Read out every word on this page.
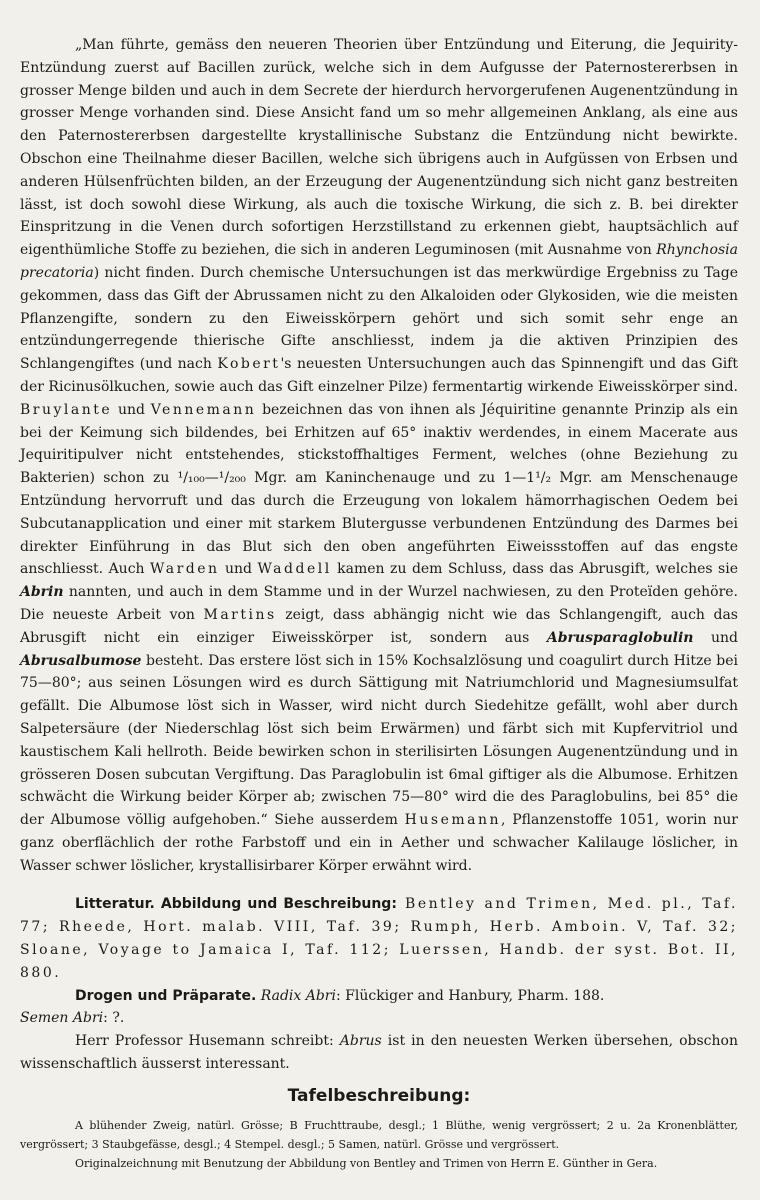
„Man führte, gemäss den neueren Theorien über Entzündung und Eiterung, die Jequirity-Entzündung zuerst auf Bacillen zurück, welche sich in dem Aufgusse der Paternostererbsen in grosser Menge bilden und auch in dem Secrete der hierdurch hervorgerufenen Augenentzündung in grosser Menge vorhanden sind. Diese Ansicht fand um so mehr allgemeinen Anklang, als eine aus den Paternostererbsen dargestellte krystallinische Substanz die Entzündung nicht bewirkte. Obschon eine Theilnahme dieser Bacillen, welche sich übrigens auch in Aufgüssen von Erbsen und anderen Hülsenfrüchten bilden, an der Erzeugung der Augenentzündung sich nicht ganz bestreiten lässt, ist doch sowohl diese Wirkung, als auch die toxische Wirkung, die sich z. B. bei direkter Einspritzung in die Venen durch sofortigen Herzstillstand zu erkennen giebt, hauptsächlich auf eigenthümliche Stoffe zu beziehen, die sich in anderen Leguminosen (mit Ausnahme von Rhynchosia precatoria) nicht finden. Durch chemische Untersuchungen ist das merkwürdige Ergebniss zu Tage gekommen, dass das Gift der Abrussamen nicht zu den Alkaloiden oder Glykosiden, wie die meisten Pflanzengifte, sondern zu den Eiweisskörpern gehört und sich somit sehr enge an entzündungerregende thierische Gifte anschliesst, indem ja die aktiven Prinzipien des Schlangengiftes (und nach Kobert's neuesten Untersuchungen auch das Spinnengift und das Gift der Ricinusölkuchen, sowie auch das Gift einzelner Pilze) fermentartig wirkende Eiweisskörper sind. Bruylante und Vennemann bezeichnen das von ihnen als Jéquiritine genannte Prinzip als ein bei der Keimung sich bildendes, bei Erhitzen auf 65° inaktiv werdendes, in einem Macerate aus Jequiritipulver nicht entstehendes, stickstoffhaltiges Ferment, welches (ohne Beziehung zu Bakterien) schon zu ¹/₁₀₀—¹/₂₀₀ Mgr. am Kaninchenauge und zu 1—1¹/₂ Mgr. am Menschenauge Entzündung hervorruft und das durch die Erzeugung von lokalem hämorrhagischen Oedem bei Subcutanapplication und einer mit starkem Blutergusse verbundenen Entzündung des Darmes bei direkter Einführung in das Blut sich den oben angeführten Eiweissstoffen auf das engste anschliesst. Auch Warden und Waddell kamen zu dem Schluss, dass das Abrusgift, welches sie Abrin nannten, und auch in dem Stamme und in der Wurzel nachwiesen, zu den Proteïden gehöre. Die neueste Arbeit von Martins zeigt, dass abhängig nicht wie das Schlangengift, auch das Abrusgift nicht ein einziger Eiweisskörper ist, sondern aus Abrusparaglobulin und Abrusalbumose besteht. Das erstere löst sich in 15% Kochsalzlösung und coagulirt durch Hitze bei 75—80°; aus seinen Lösungen wird es durch Sättigung mit Natriumchlorid und Magnesiumsulfat gefällt. Die Albumose löst sich in Wasser, wird nicht durch Siedehitze gefällt, wohl aber durch Salpetersäure (der Niederschlag löst sich beim Erwärmen) und färbt sich mit Kupfervitriol und kaustischem Kali hellroth. Beide bewirken schon in sterilisirten Lösungen Augenentzündung und in grösseren Dosen subcutan Vergiftung. Das Paraglobulin ist 6mal giftiger als die Albumose. Erhitzen schwächt die Wirkung beider Körper ab; zwischen 75—80° wird die des Paraglobulins, bei 85° die der Albumose völlig aufgehoben.“ Siehe ausserdem Husemann, Pflanzenstoffe 1051, worin nur ganz oberflächlich der rothe Farbstoff und ein in Aether und schwacher Kalilauge löslicher, in Wasser schwer löslicher, krystallisirbarer Körper erwähnt wird.

Litteratur. Abbildung und Beschreibung: Bentley and Trimen, Med. pl., Taf. 77; Rheede, Hort. malab. VIII, Taf. 39; Rumph, Herb. Amboin. V, Taf. 32; Sloane, Voyage to Jamaica I, Taf. 112; Luerssen, Handb. der syst. Bot. II, 880.

Drogen und Präparate. Radix Abri: Flückiger and Hanbury, Pharm. 188.
Semen Abri: ?.

Herr Professor Husemann schreibt: Abrus ist in den neuesten Werken übersehen, obschon wissenschaftlich äusserst interessant.

Tafelbeschreibung:

A blühender Zweig, natürl. Grösse; B Fruchttraube, desgl.; 1 Blüthe, wenig vergrössert; 2 u. 2a Kronenblätter, vergrössert; 3 Staubgefässe, desgl.; 4 Stempel. desgl.; 5 Samen, natürl. Grösse und vergrössert.

Originalzeichnung mit Benutzung der Abbildung von Bentley and Trimen von Herrn E. Günther in Gera.
